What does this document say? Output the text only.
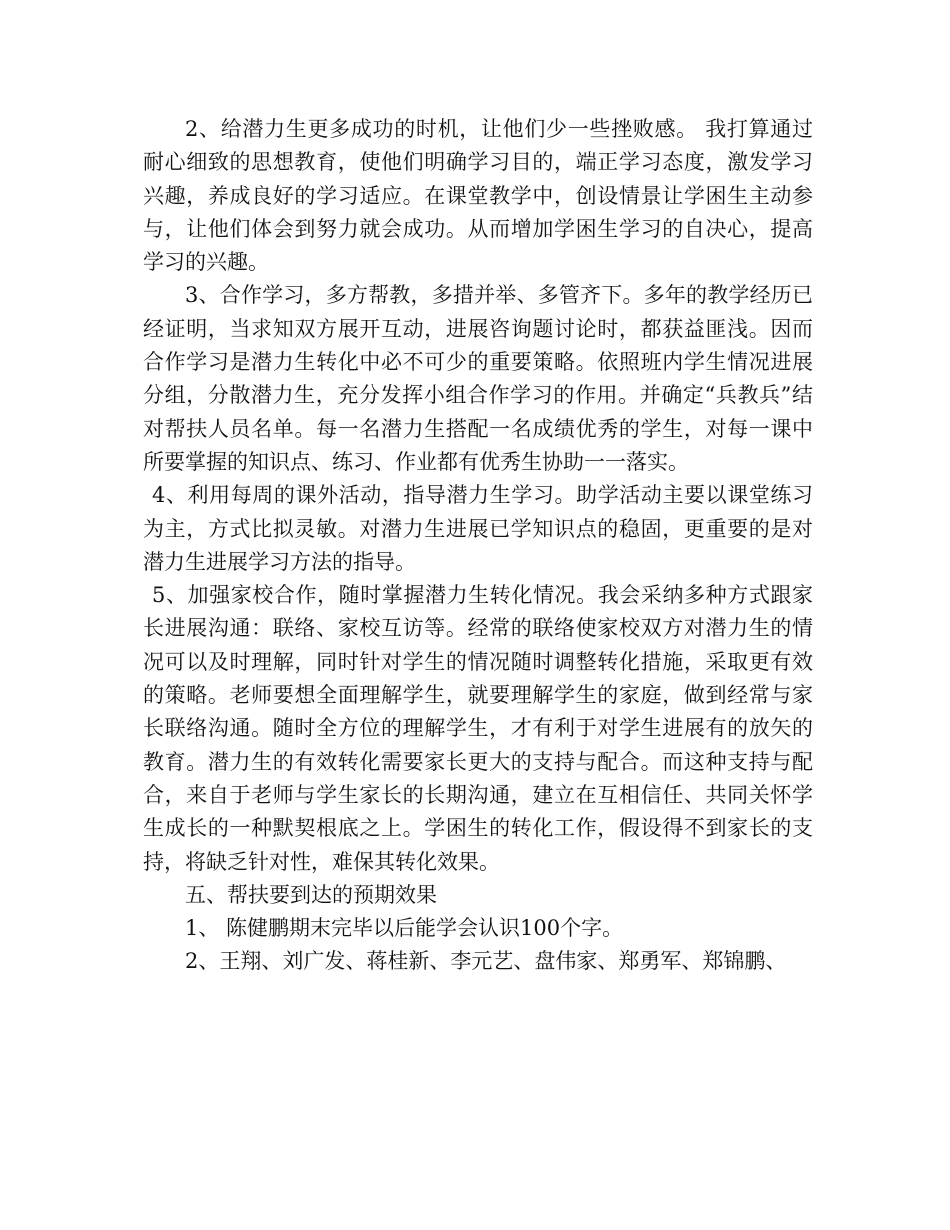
2、给潜力生更多成功的时机，让他们少一些挫败感。 我打算通过耐心细致的思想教育，使他们明确学习目的，端正学习态度，激发学习兴趣，养成良好的学习适应。在课堂教学中，创设情景让学困生主动参与，让他们体会到努力就会成功。从而增加学困生学习的自决心，提高学习的兴趣。

3、合作学习，多方帮教，多措并举、多管齐下。多年的教学经历已经证明，当求知双方展开互动，进展咨询题讨论时，都获益匪浅。因而合作学习是潜力生转化中必不可少的重要策略。依照班内学生情况进展分组，分散潜力生，充分发挥小组合作学习的作用。并确定“兵教兵”结对帮扶人员名单。每一名潜力生搭配一名成绩优秀的学生，对每一课中所要掌握的知识点、练习、作业都有优秀生协助一一落实。

4、利用每周的课外活动，指导潜力生学习。助学活动主要以课堂练习为主，方式比拟灵敏。对潜力生进展已学知识点的稳固，更重要的是对潜力生进展学习方法的指导。

5、加强家校合作，随时掌握潜力生转化情况。我会采纳多种方式跟家长进展沟通：联络、家校互访等。经常的联络使家校双方对潜力生的情况可以及时理解，同时针对学生的情况随时调整转化措施，采取更有效的策略。老师要想全面理解学生，就要理解学生的家庭，做到经常与家长联络沟通。随时全方位的理解学生，才有利于对学生进展有的放矢的教育。潜力生的有效转化需要家长更大的支持与配合。而这种支持与配合，来自于老师与学生家长的长期沟通，建立在互相信任、共同关怀学生成长的一种默契根底之上。学困生的转化工作，假设得不到家长的支持，将缺乏针对性，难保其转化效果。

五、帮扶要到达的预期效果

1、 陈健鹏期末完毕以后能学会认识100个字。

2、王翔、刘广发、蒋桂新、李元艺、盘伟家、郑勇军、郑锦鹏、
